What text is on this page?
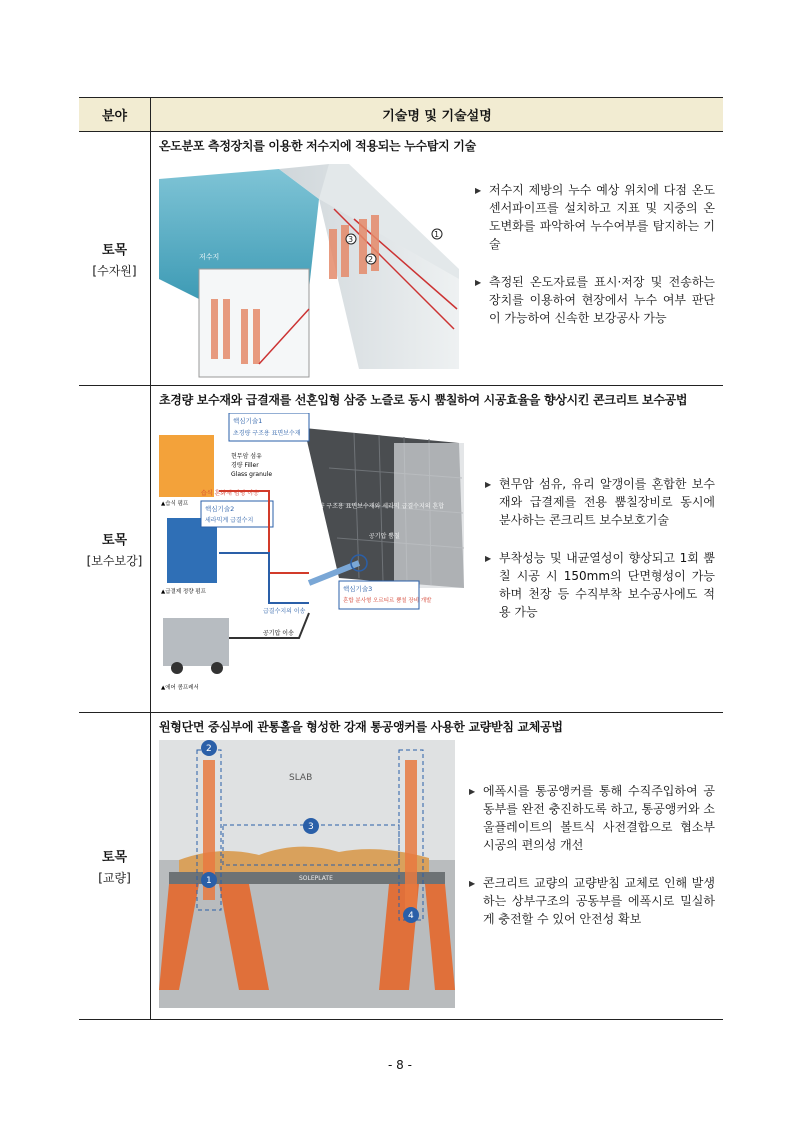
분야	기술명 및 기술설명
토목
[수자원]
온도분포 측정장치를 이용한 저수지에 적용되는 누수탐지 기술
저수지
3
2
1
▶ 저수지 제방의 누수 예상 위치에 다점 온도 센서파이프를 설치하고 지표 및 지중의 온도변화를 파악하여 누수여부를 탐지하는 기술
▶ 측정된 온도자료를 표시·저장 및 전송하는 장치를 이용하여 현장에서 누수 여부 판단이 가능하여 신속한 보강공사 가능
토목
[보수보강]
초경량 보수재와 급결재를 선혼입형 삼중 노즐로 동시 뿜칠하여 시공효율을 향상시킨 콘크리트 보수공법
핵심기술1
초경량 구조용 표면보수재
현무암 섬유
경량 Filler
Glass granule
핵심기술2
세라믹계 급결수지
습식 혼화재 펌핑 이송
급결수지의 이송
공기압 이송
핵심기술3
혼합 분사형 오르티르 뿜칠 장비 개발
초경량 구조용 표면보수재와 세라믹 급결수지의 혼합
공기압 뿜칠
▲습식 펌프
▲급결제 정량 펌프
▲에어 콤프레서
▶ 현무암 섬유, 유리 알갱이를 혼합한 보수재와 급결제를 전용 뿜칠장비로 동시에 분사하는 콘크리트 보수보호기술
▶ 부착성능 및 내균열성이 향상되고 1회 뿜칠 시공 시 150mm의 단면형성이 가능하며 천장 등 수직부착 보수공사에도 적용 가능
토목
[교량]
원형단면 중심부에 관통홀을 형성한 강재 통공앵커를 사용한 교량받침 교체공법
SLAB
SOLEPLATE
1
2
3
4
▶ 에폭시를 통공앵커를 통해 수직주입하여 공동부를 완전 충진하도록 하고, 통공앵커와 소울플레이트의 볼트식 사전결합으로 협소부 시공의 편의성 개선
▶ 콘크리트 교량의 교량받침 교체로 인해 발생하는 상부구조의 공동부를 에폭시로 밀실하게 충전할 수 있어 안전성 확보
- 8 -
